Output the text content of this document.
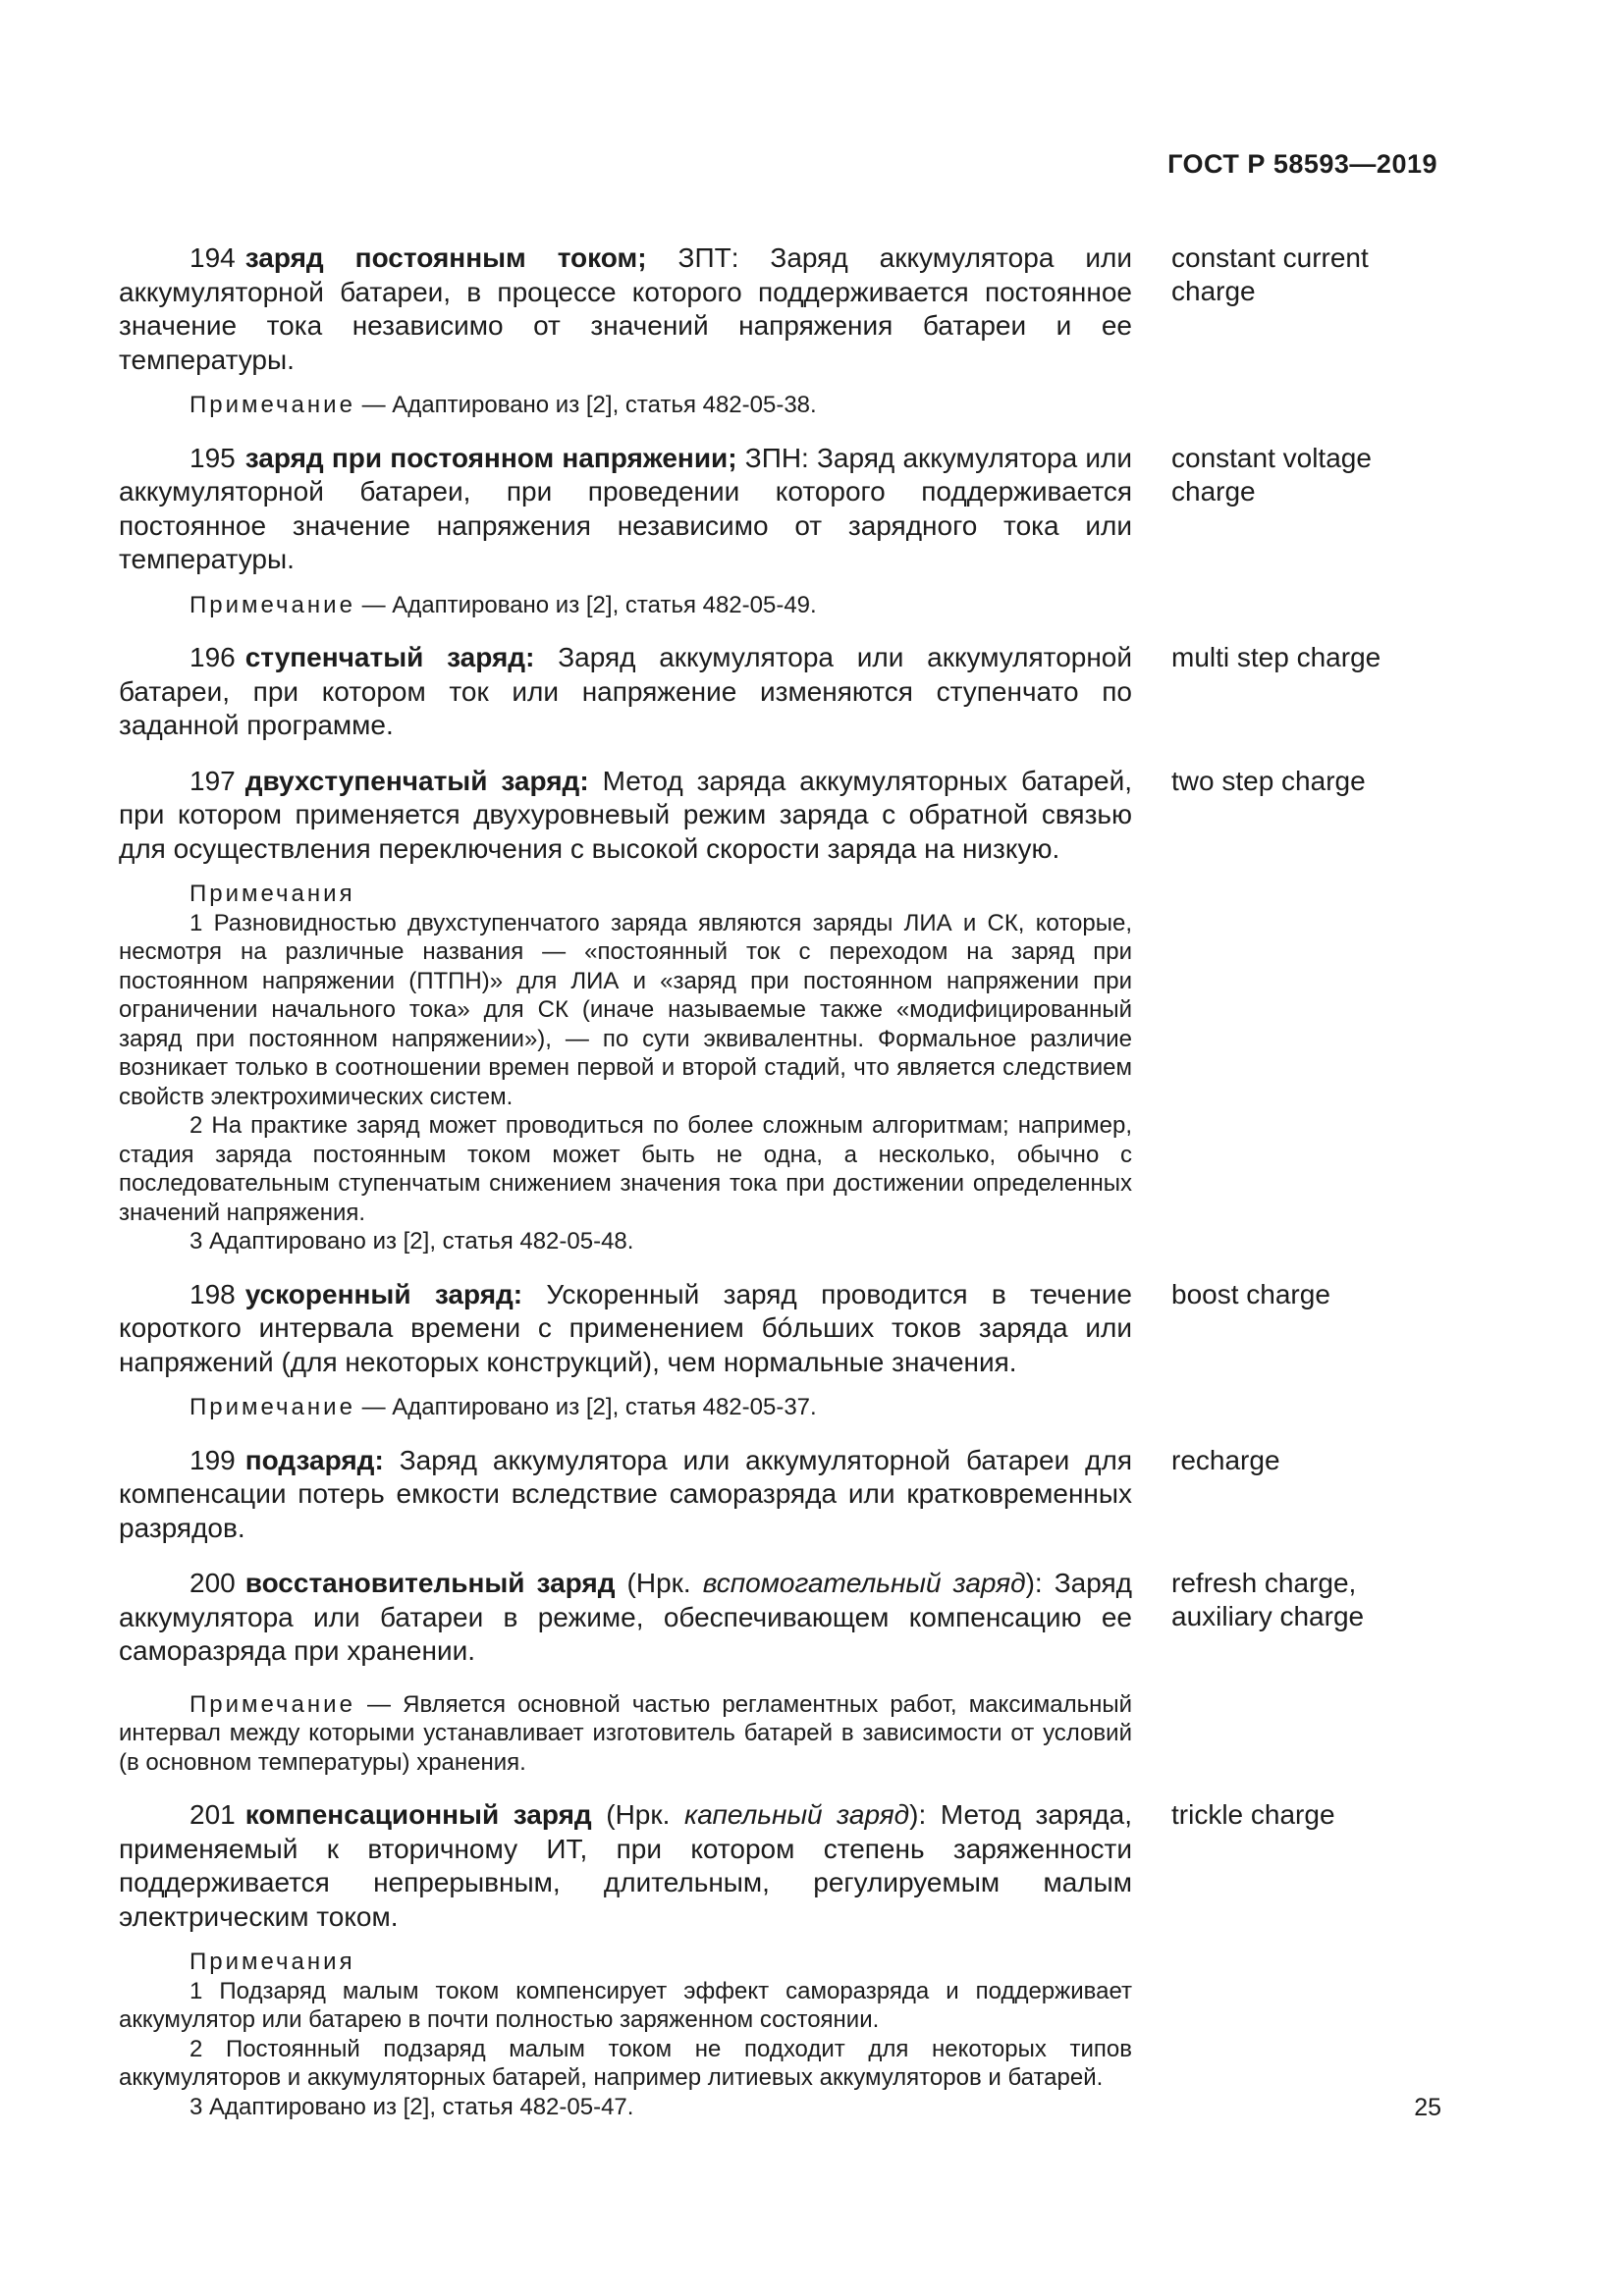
ГОСТ Р 58593—2019
194 заряд постоянным током; ЗПТ: Заряд аккумулятора или аккумуляторной батареи, в процессе которого поддерживается постоянное значение тока независимо от значений напряжения батареи и ее температуры.
constant current
charge
Примечание — Адаптировано из [2], статья 482-05-38.
195 заряд при постоянном напряжении; ЗПН: Заряд аккумулятора или аккумуляторной батареи, при проведении которого поддерживается постоянное значение напряжения независимо от зарядного тока или температуры.
constant voltage
charge
Примечание — Адаптировано из [2], статья 482-05-49.
196 ступенчатый заряд: Заряд аккумулятора или аккумуляторной батареи, при котором ток или напряжение изменяются ступенчато по заданной программе.
multi step charge
197 двухступенчатый заряд: Метод заряда аккумуляторных батарей, при котором применяется двухуровневый режим заряда с обратной связью для осуществления переключения с высокой скорости заряда на низкую.
two step charge
Примечания
1 Разновидностью двухступенчатого заряда являются заряды ЛИА и СК, которые, несмотря на различные названия — «постоянный ток с переходом на заряд при постоянном напряжении (ПТПН)» для ЛИА и «заряд при постоянном напряжении при ограничении начального тока» для СК (иначе называемые также «модифицированный заряд при постоянном напряжении»), — по сути эквивалентны. Формальное различие возникает только в соотношении времен первой и второй стадий, что является следствием свойств электрохимических систем.
2 На практике заряд может проводиться по более сложным алгоритмам; например, стадия заряда постоянным током может быть не одна, а несколько, обычно с последовательным ступенчатым снижением значения тока при достижении определенных значений напряжения.
3 Адаптировано из [2], статья 482-05-48.
198 ускоренный заряд: Ускоренный заряд проводится в течение короткого интервала времени с применением бóльших токов заряда или напряжений (для некоторых конструкций), чем нормальные значения.
boost charge
Примечание — Адаптировано из [2], статья 482-05-37.
199 подзаряд: Заряд аккумулятора или аккумуляторной батареи для компенсации потерь емкости вследствие саморазряда или кратковременных разрядов.
recharge
200 восстановительный заряд (Нрк. вспомогательный заряд): Заряд аккумулятора или батареи в режиме, обеспечивающем компенсацию ее саморазряда при хранении.
refresh charge,
auxiliary charge
Примечание — Является основной частью регламентных работ, максимальный интервал между которыми устанавливает изготовитель батарей в зависимости от условий (в основном температуры) хранения.
201 компенсационный заряд (Нрк. капельный заряд): Метод заряда, применяемый к вторичному ИТ, при котором степень заряженности поддерживается непрерывным, длительным, регулируемым малым электрическим током.
trickle charge
Примечания
1 Подзаряд малым током компенсирует эффект саморазряда и поддерживает аккумулятор или батарею в почти полностью заряженном состоянии.
2 Постоянный подзаряд малым током не подходит для некоторых типов аккумуляторов и аккумуляторных батарей, например литиевых аккумуляторов и батарей.
3 Адаптировано из [2], статья 482-05-47.	25
